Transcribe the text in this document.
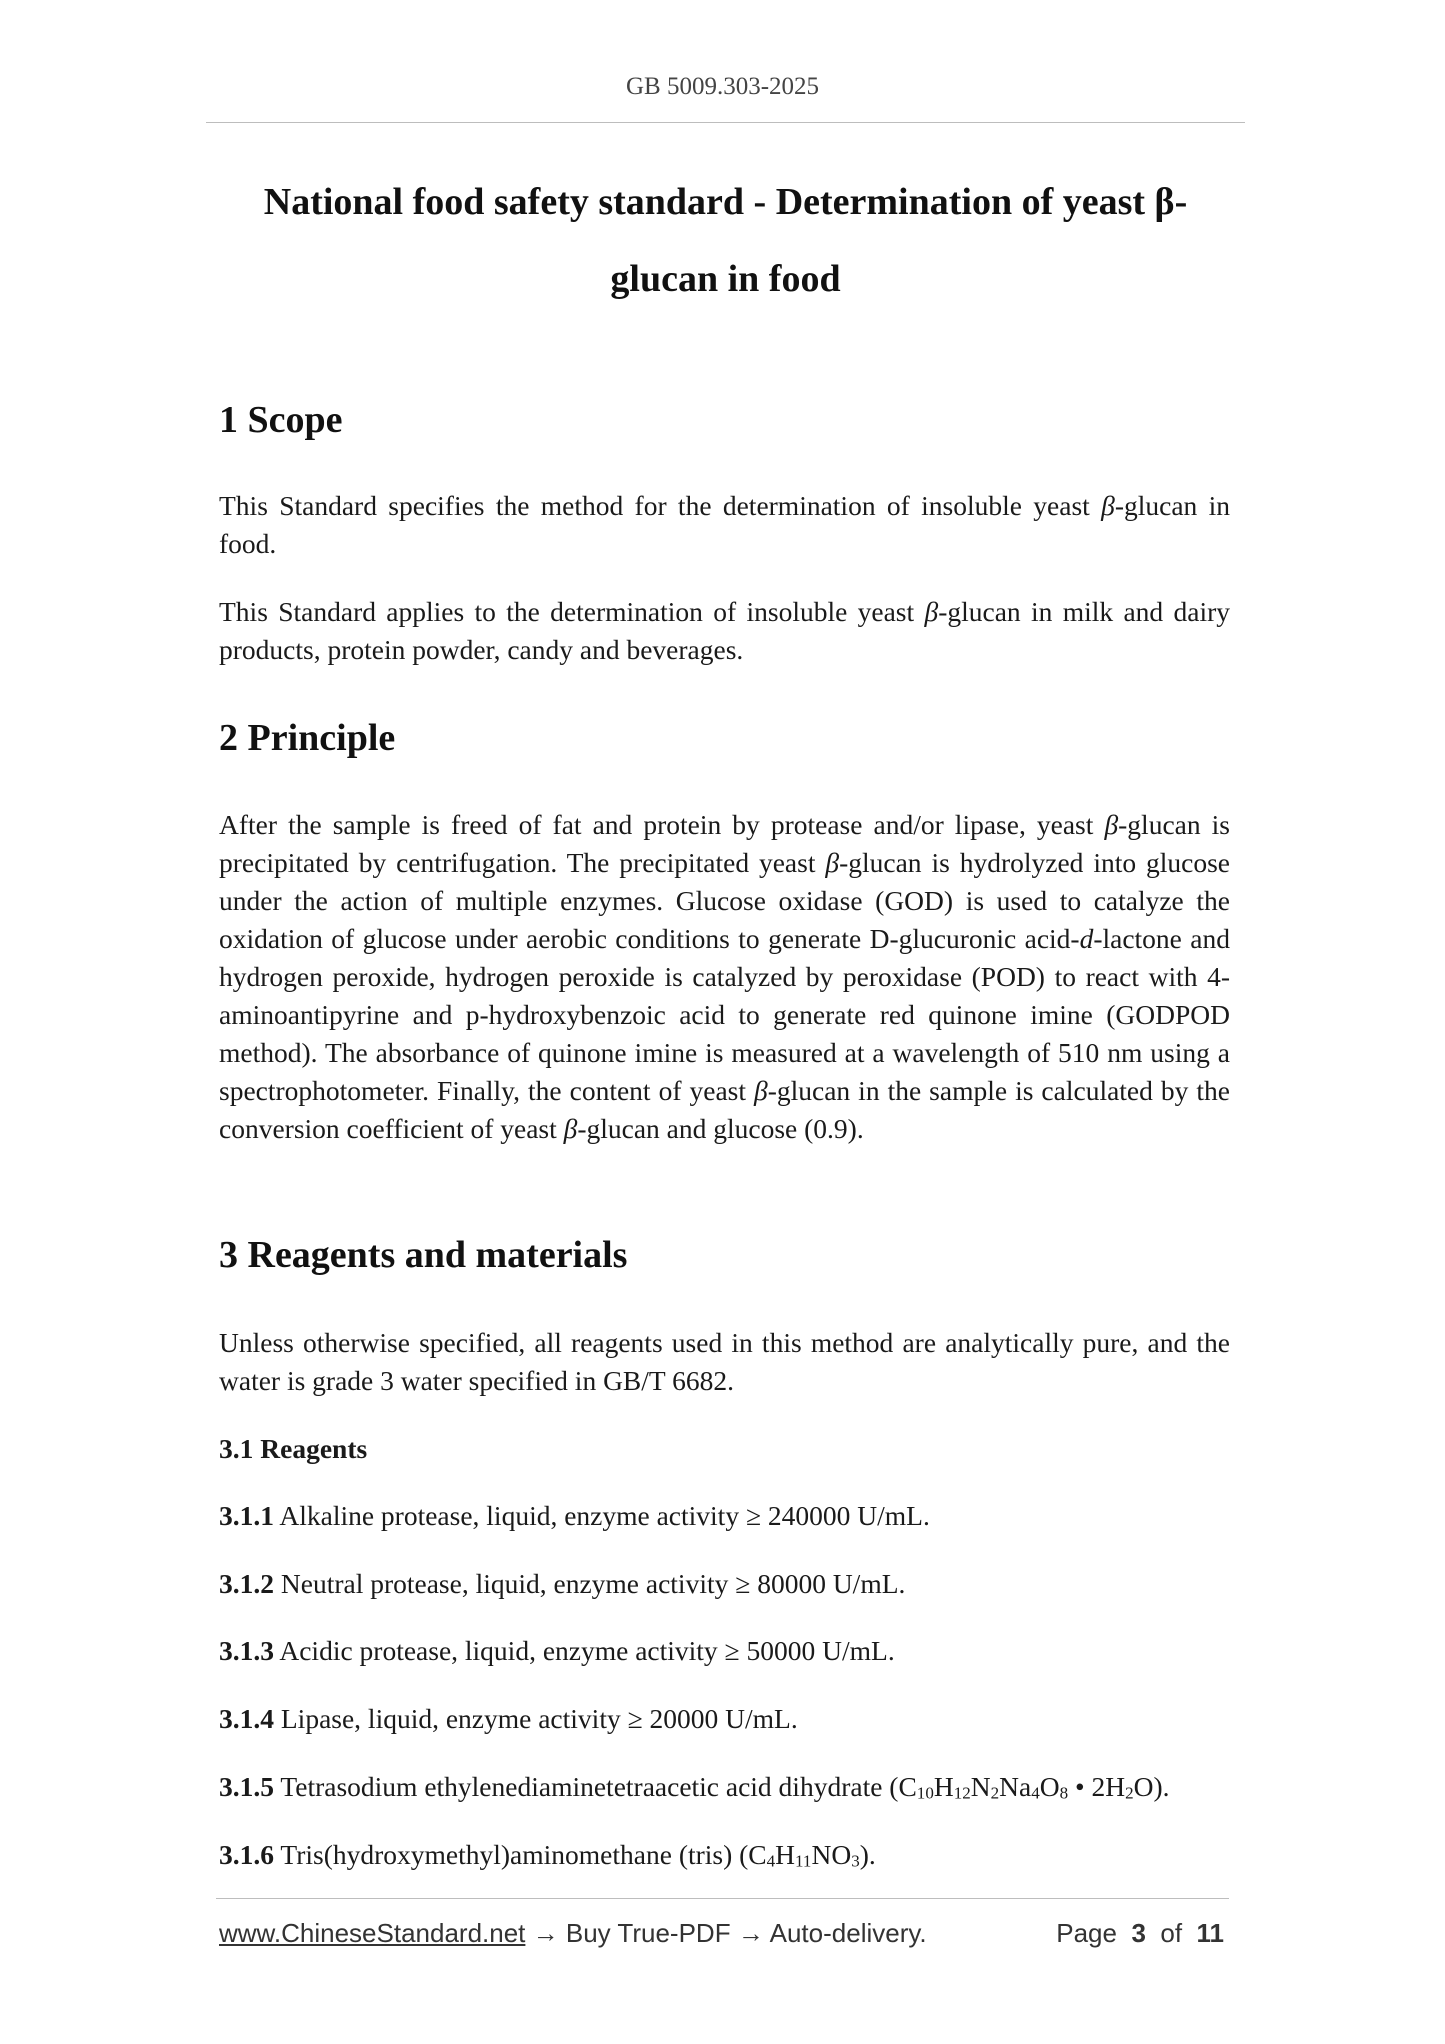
GB 5009.303-2025
National food safety standard - Determination of yeast β-
glucan in food
1 Scope

This Standard specifies the method for the determination of insoluble yeast β-glucan in food.

This Standard applies to the determination of insoluble yeast β-glucan in milk and dairy products, protein powder, candy and beverages.

2 Principle

After the sample is freed of fat and protein by protease and/or lipase, yeast β-glucan is precipitated by centrifugation. The precipitated yeast β-glucan is hydrolyzed into glucose under the action of multiple enzymes. Glucose oxidase (GOD) is used to catalyze the oxidation of glucose under aerobic conditions to generate D-glucuronic acid-d-lactone and hydrogen peroxide, hydrogen peroxide is catalyzed by peroxidase (POD) to react with 4-aminoantipyrine and p-hydroxybenzoic acid to generate red quinone imine (GODPOD method). The absorbance of quinone imine is measured at a wavelength of 510 nm using a spectrophotometer. Finally, the content of yeast β-glucan in the sample is calculated by the conversion coefficient of yeast β-glucan and glucose (0.9).

3 Reagents and materials

Unless otherwise specified, all reagents used in this method are analytically pure, and the water is grade 3 water specified in GB/T 6682.

3.1 Reagents

3.1.1 Alkaline protease, liquid, enzyme activity ≥ 240000 U/mL.

3.1.2 Neutral protease, liquid, enzyme activity ≥ 80000 U/mL.

3.1.3 Acidic protease, liquid, enzyme activity ≥ 50000 U/mL.

3.1.4 Lipase, liquid, enzyme activity ≥ 20000 U/mL.

3.1.5 Tetrasodium ethylenediaminetetraacetic acid dihydrate ($C_{10}H_{12}N_2Na_4O_8$ • $2H_2O$).

3.1.6 Tris(hydroxymethyl)aminomethane (tris) $(C_4H_{11}NO_3)$.

www.ChineseStandard.net → Buy True-PDF → Auto-delivery.	Page 3 of 11
